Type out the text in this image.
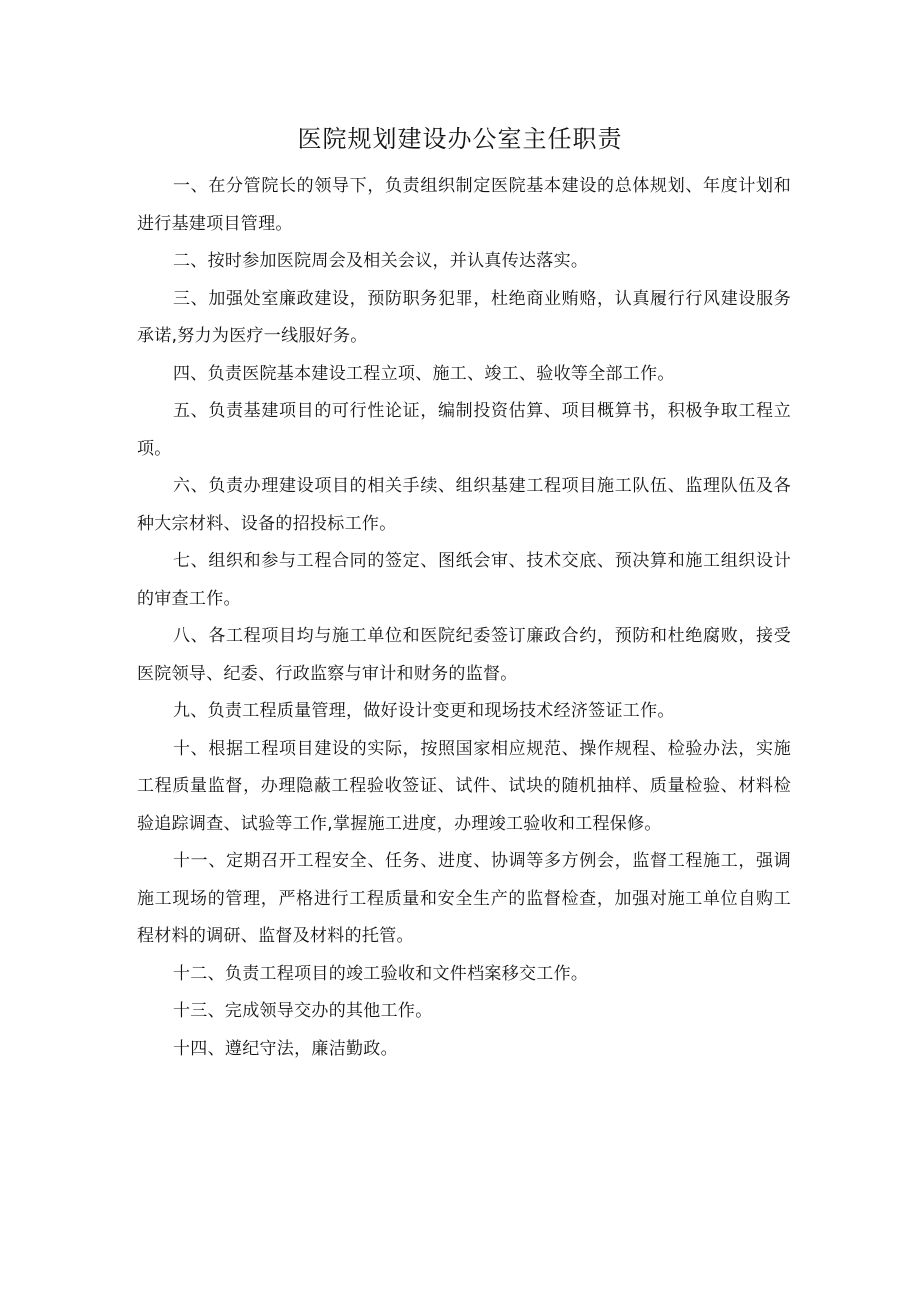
医院规划建设办公室主任职责

一、在分管院长的领导下，负责组织制定医院基本建设的总体规划、年度计划和进行基建项目管理。

二、按时参加医院周会及相关会议，并认真传达落实。

三、加强处室廉政建设，预防职务犯罪，杜绝商业贿赂，认真履行行风建设服务承诺,努力为医疗一线服好务。

四、负责医院基本建设工程立项、施工、竣工、验收等全部工作。

五、负责基建项目的可行性论证，编制投资估算、项目概算书，积极争取工程立项。

六、负责办理建设项目的相关手续、组织基建工程项目施工队伍、监理队伍及各种大宗材料、设备的招投标工作。

七、组织和参与工程合同的签定、图纸会审、技术交底、预决算和施工组织设计的审查工作。

八、各工程项目均与施工单位和医院纪委签订廉政合约，预防和杜绝腐败，接受医院领导、纪委、行政监察与审计和财务的监督。

九、负责工程质量管理，做好设计变更和现场技术经济签证工作。

十、根据工程项目建设的实际，按照国家相应规范、操作规程、检验办法，实施工程质量监督，办理隐蔽工程验收签证、试件、试块的随机抽样、质量检验、材料检验追踪调查、试验等工作,掌握施工进度，办理竣工验收和工程保修。

十一、定期召开工程安全、任务、进度、协调等多方例会，监督工程施工，强调施工现场的管理，严格进行工程质量和安全生产的监督检查，加强对施工单位自购工程材料的调研、监督及材料的托管。

十二、负责工程项目的竣工验收和文件档案移交工作。

十三、完成领导交办的其他工作。

十四、遵纪守法，廉洁勤政。
